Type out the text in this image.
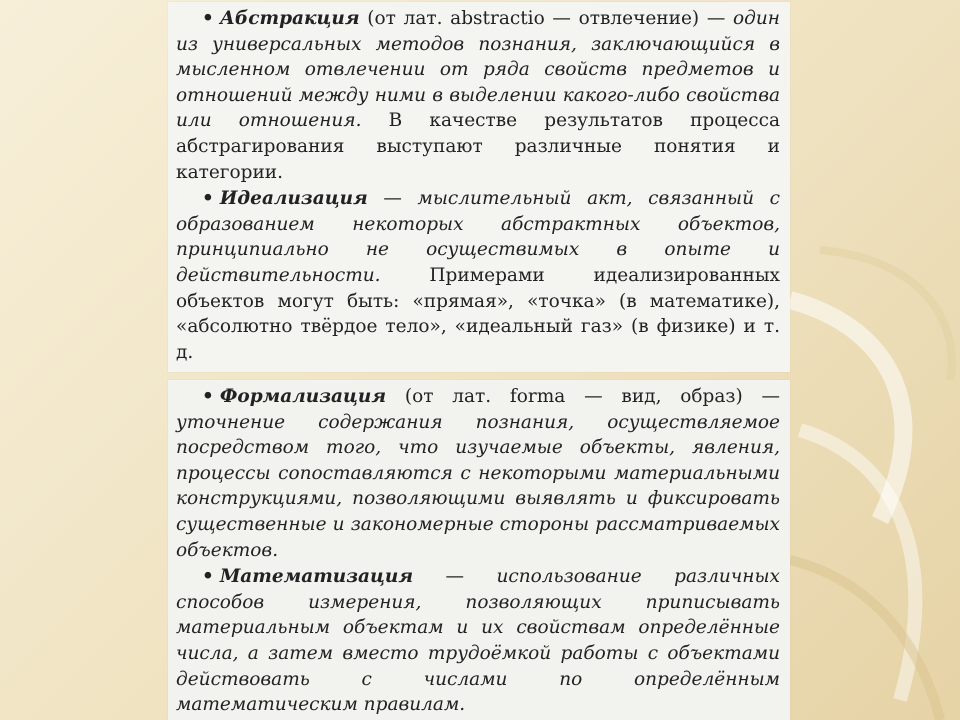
• Абстракция (от лат. abstractio — отвлечение) — один из универсальных методов познания, заключающийся в мысленном отвлечении от ряда свойств предметов и отношений между ними в выделении какого-либо свойства или отношения. В качестве результатов процесса абстрагирования выступают различные понятия и категории.

• Идеализация — мыслительный акт, связанный с образованием некоторых абстрактных объектов, принципиально не осуществимых в опыте и действительности. Примерами идеализированных объектов могут быть: «прямая», «точка» (в математике), «абсолютно твёрдое тело», «идеальный газ» (в физике) и т. д.

• Формализация (от лат. forma — вид, образ) — уточнение содержания познания, осуществляемое посредством того, что изучаемые объекты, явления, процессы сопоставляются с некоторыми материальными конструкциями, позволяющими выявлять и фиксировать существенные и закономерные стороны рассматриваемых объектов.

• Математизация — использование различных способов измерения, позволяющих приписывать материальным объектам и их свойствам определённые числа, а затем вместо трудоёмкой работы с объектами действовать с числами по определённым математическим правилам.
